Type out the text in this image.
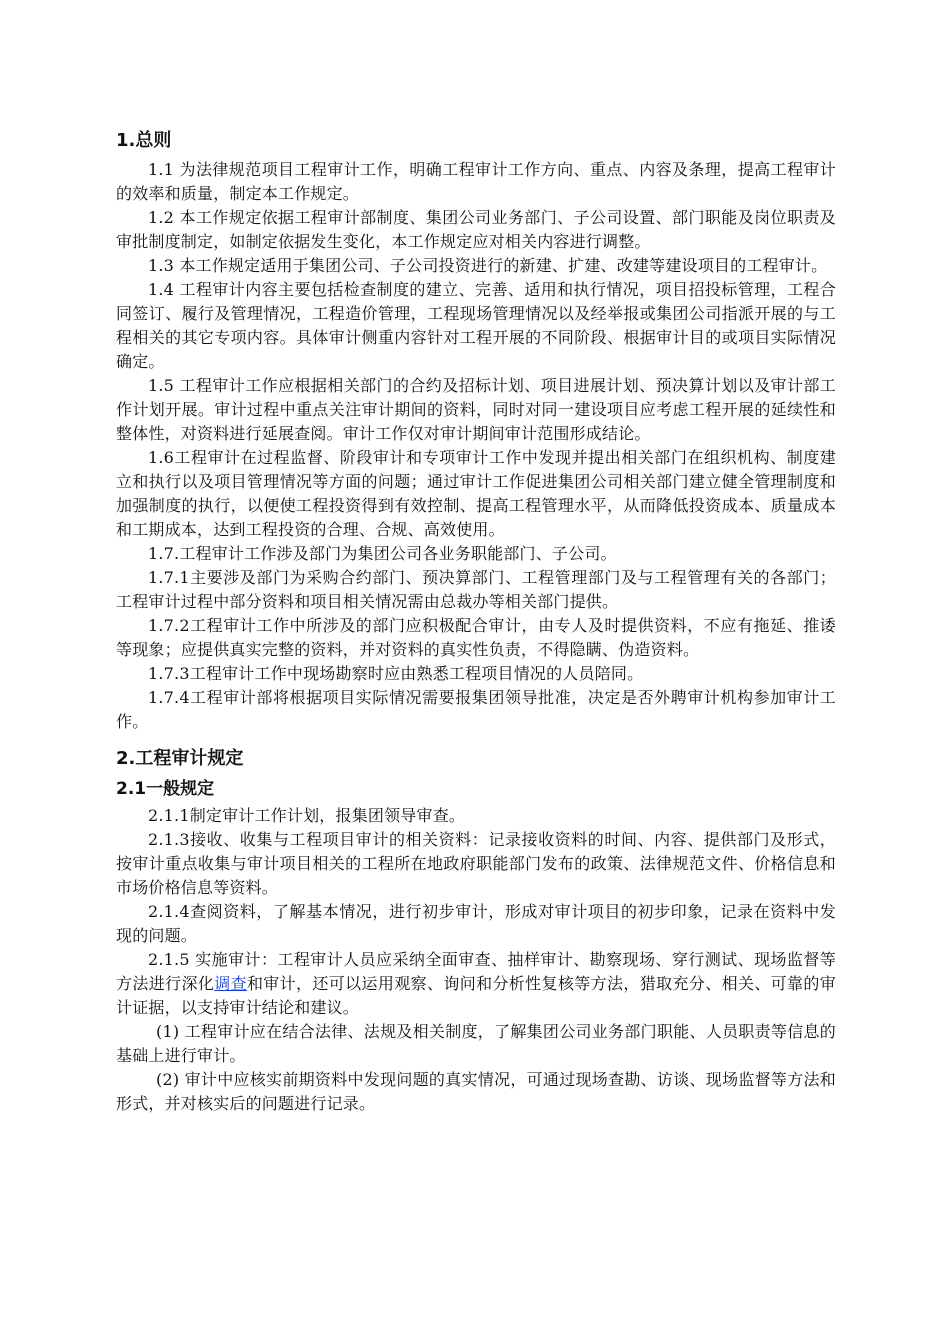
1.总则

1.1 为法律规范项目工程审计工作，明确工程审计工作方向、重点、内容及条理，提高工程审计的效率和质量，制定本工作规定。

1.2 本工作规定依据工程审计部制度、集团公司业务部门、子公司设置、部门职能及岗位职责及审批制度制定，如制定依据发生变化，本工作规定应对相关内容进行调整。

1.3 本工作规定适用于集团公司、子公司投资进行的新建、扩建、改建等建设项目的工程审计。

1.4 工程审计内容主要包括检查制度的建立、完善、适用和执行情况，项目招投标管理，工程合同签订、履行及管理情况，工程造价管理，工程现场管理情况以及经举报或集团公司指派开展的与工程相关的其它专项内容。具体审计侧重内容针对工程开展的不同阶段、根据审计目的或项目实际情况确定。

1.5 工程审计工作应根据相关部门的合约及招标计划、项目进展计划、预决算计划以及审计部工作计划开展。审计过程中重点关注审计期间的资料，同时对同一建设项目应考虑工程开展的延续性和整体性，对资料进行延展查阅。审计工作仅对审计期间审计范围形成结论。

1.6工程审计在过程监督、阶段审计和专项审计工作中发现并提出相关部门在组织机构、制度建立和执行以及项目管理情况等方面的问题；通过审计工作促进集团公司相关部门建立健全管理制度和加强制度的执行，以便使工程投资得到有效控制、提高工程管理水平，从而降低投资成本、质量成本和工期成本，达到工程投资的合理、合规、高效使用。

1.7.工程审计工作涉及部门为集团公司各业务职能部门、子公司。

1.7.1主要涉及部门为采购合约部门、预决算部门、工程管理部门及与工程管理有关的各部门；工程审计过程中部分资料和项目相关情况需由总裁办等相关部门提供。

1.7.2工程审计工作中所涉及的部门应积极配合审计，由专人及时提供资料，不应有拖延、推诿等现象；应提供真实完整的资料，并对资料的真实性负责，不得隐瞒、伪造资料。

1.7.3工程审计工作中现场勘察时应由熟悉工程项目情况的人员陪同。

1.7.4工程审计部将根据项目实际情况需要报集团领导批准，决定是否外聘审计机构参加审计工作。

2.工程审计规定
2.1一般规定

2.1.1制定审计工作计划，报集团领导审查。

2.1.3接收、收集与工程项目审计的相关资料：记录接收资料的时间、内容、提供部门及形式，按审计重点收集与审计项目相关的工程所在地政府职能部门发布的政策、法律规范文件、价格信息和市场价格信息等资料。

2.1.4查阅资料，了解基本情况，进行初步审计，形成对审计项目的初步印象，记录在资料中发现的问题。

2.1.5 实施审计：工程审计人员应采纳全面审查、抽样审计、勘察现场、穿行测试、现场监督等方法进行深化调查和审计，还可以运用观察、询问和分析性复核等方法，猎取充分、相关、可靠的审计证据，以支持审计结论和建议。

(1) 工程审计应在结合法律、法规及相关制度，了解集团公司业务部门职能、人员职责等信息的基础上进行审计。

(2) 审计中应核实前期资料中发现问题的真实情况，可通过现场查勘、访谈、现场监督等方法和形式，并对核实后的问题进行记录。
